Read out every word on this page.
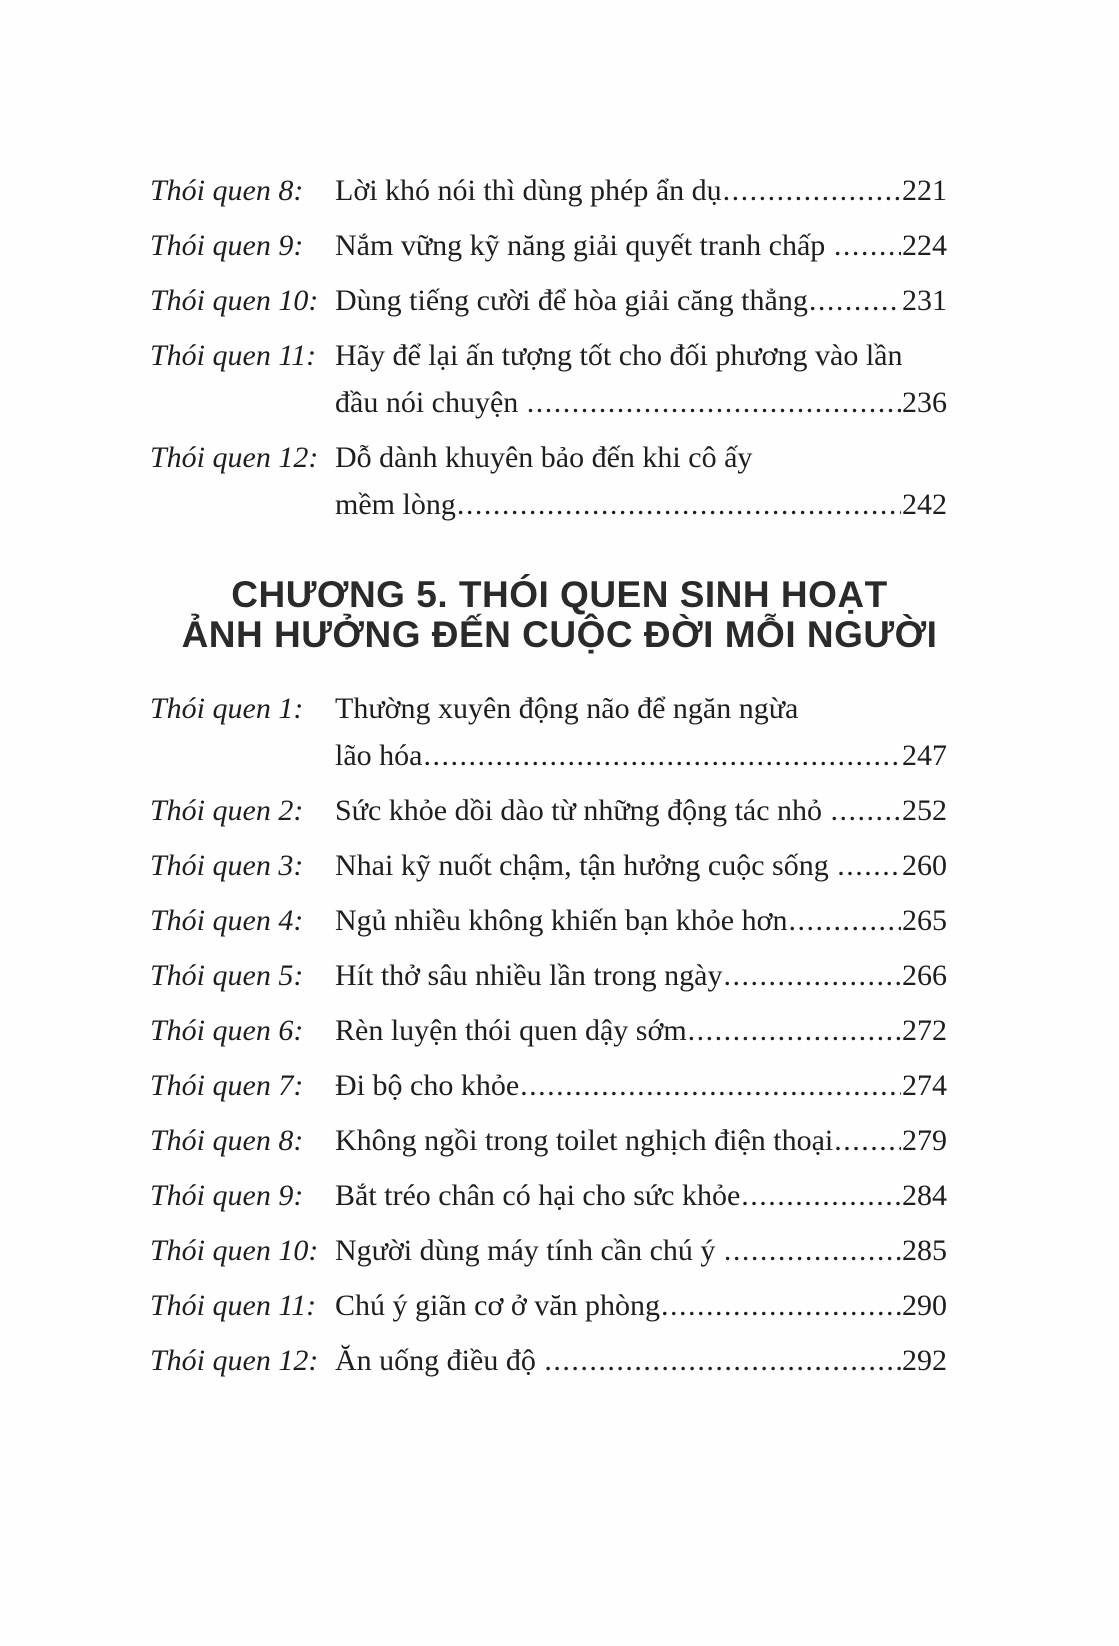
Thói quen 8:	Lời khó nói thì dùng phép ẩn dụ .....	221
Thói quen 9:	Nắm vững kỹ năng giải quyết tranh chấp ..... 224
Thói quen 10: Dùng tiếng cười để hòa giải căng thẳng .....	231
Thói quen 11: Hãy để lại ấn tượng tốt cho đối phương vào lần
đầu nói chuyện .....	236
Thói quen 12: Dỗ dành khuyên bảo đến khi cô ấy
mềm lòng .....	242
CHƯƠNG 5. THÓI QUEN SINH HOẠT
ẢNH HƯỞNG ĐẾN CUỘC ĐỜI MỖI NGƯỜI
Thói quen 1:	Thường xuyên động não để ngăn ngừa
lão hóa .....	247
Thói quen 2:	Sức khỏe dồi dào từ những động tác nhỏ ..... 252
Thói quen 3:	Nhai kỹ nuốt chậm, tận hưởng cuộc sống ..... 260
Thói quen 4:	Ngủ nhiều không khiến bạn khỏe hơn .....	265
Thói quen 5:	Hít thở sâu nhiều lần trong ngày .....	266
Thói quen 6:	Rèn luyện thói quen dậy sớm .....	272
Thói quen 7:	Đi bộ cho khỏe .....	274
Thói quen 8:	Không ngồi trong toilet nghịch điện thoại ..... 279
Thói quen 9:	Bắt tréo chân có hại cho sức khỏe .....	284
Thói quen 10: Người dùng máy tính cần chú ý .....	285
Thói quen 11: Chú ý giãn cơ ở văn phòng .....	290
Thói quen 12: Ăn uống điều độ .....	292
